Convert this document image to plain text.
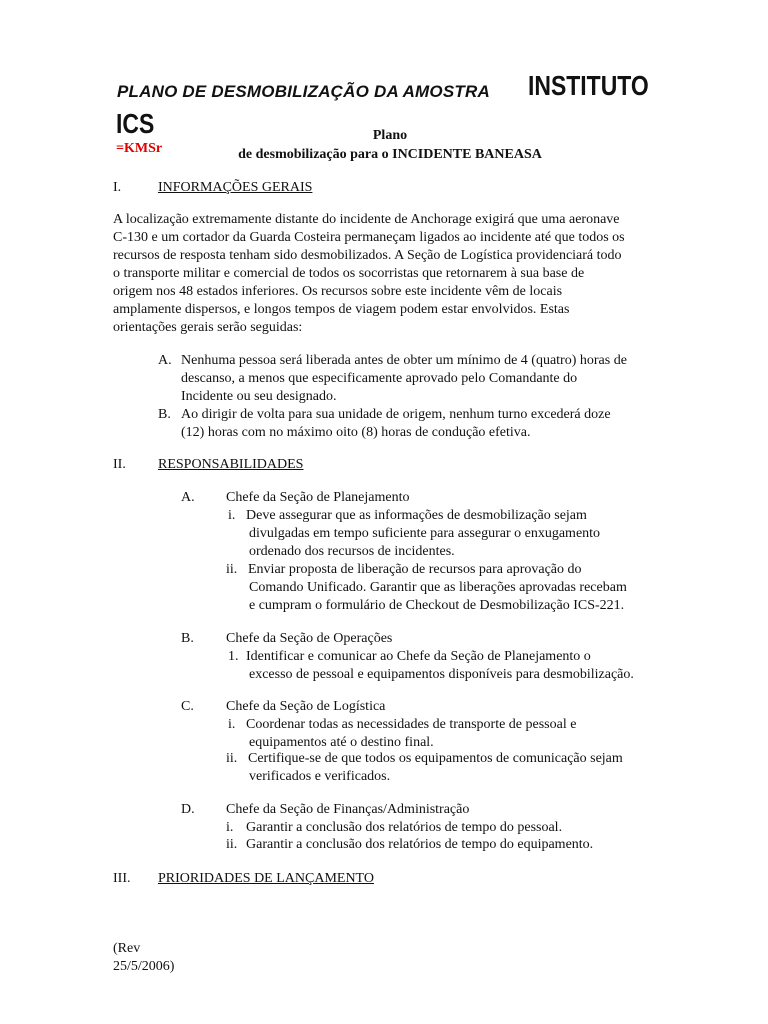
PLANO DE DESMOBILIZAÇÃO DA AMOSTRA INSTITUTO
ICS
=KMSr
Plano
de desmobilização para o INCIDENTE BANEASA
I.	INFORMAÇÕES GERAIS
A localização extremamente distante do incidente de Anchorage exigirá que uma aeronave
C-130 e um cortador da Guarda Costeira permaneçam ligados ao incidente até que todos os
recursos de resposta tenham sido desmobilizados. A Seção de Logística providenciará todo
o transporte militar e comercial de todos os socorristas que retornarem à sua base de
origem nos 48 estados inferiores. Os recursos sobre este incidente vêm de locais
amplamente dispersos, e longos tempos de viagem podem estar envolvidos. Estas
orientações gerais serão seguidas:
A. Nenhuma pessoa será liberada antes de obter um mínimo de 4 (quatro) horas de
descanso, a menos que especificamente aprovado pelo Comandante do
Incidente ou seu designado.
B. Ao dirigir de volta para sua unidade de origem, nenhum turno excederá doze
(12) horas com no máximo oito (8) horas de condução efetiva.
II. RESPONSABILIDADES
A. Chefe da Seção de Planejamento
i. Deve assegurar que as informações de desmobilização sejam
divulgadas em tempo suficiente para assegurar o enxugamento
ordenado dos recursos de incidentes.
ii. Enviar proposta de liberação de recursos para aprovação do
Comando Unificado. Garantir que as liberações aprovadas recebam
e cumpram o formulário de Checkout de Desmobilização ICS-221.
B. Chefe da Seção de Operações
1. Identificar e comunicar ao Chefe da Seção de Planejamento o
excesso de pessoal e equipamentos disponíveis para desmobilização.
C. Chefe da Seção de Logística
i. Coordenar todas as necessidades de transporte de pessoal e
equipamentos até o destino final.
ii. Certifique-se de que todos os equipamentos de comunicação sejam
verificados e verificados.
D. Chefe da Seção de Finanças/Administração
i. Garantir a conclusão dos relatórios de tempo do pessoal.
ii. Garantir a conclusão dos relatórios de tempo do equipamento.
III. PRIORIDADES DE LANÇAMENTO
(Rev
25/5/2006)
